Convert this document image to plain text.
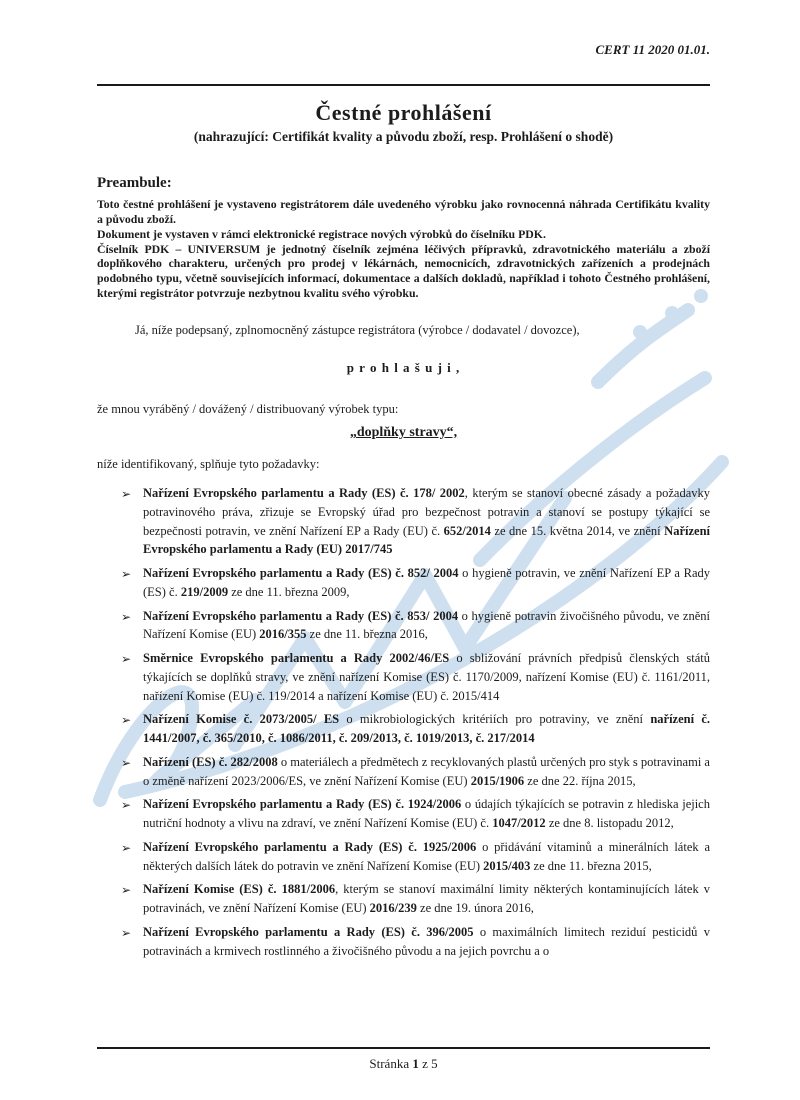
CERT 11 2020 01.01.
Čestné prohlášení
(nahrazující: Certifikát kvality a původu zboží, resp. Prohlášení o shodě)
Preambule:
Toto čestné prohlášení je vystaveno registrátorem dále uvedeného výrobku jako rovnocenná náhrada Certifikátu kvality a původu zboží.
Dokument je vystaven v rámci elektronické registrace nových výrobků do číselníku PDK.
Číselník PDK – UNIVERSUM je jednotný číselník zejména léčivých přípravků, zdravotnického materiálu a zboží doplňkového charakteru, určených pro prodej v lékárnách, nemocnicích, zdravotnických zařízeních a prodejnách podobného typu, včetně souvisejících informací, dokumentace a dalších dokladů, například i tohoto Čestného prohlášení, kterými registrátor potvrzuje nezbytnou kvalitu svého výrobku.

Já, níže podepsaný, zplnomocněný zástupce registrátora (výrobce / dodavatel / dovozce),

p r o h l a š u j i ,

že mnou vyráběný / dovážený / distribuovaný výrobek typu:

„doplňky stravy“,

níže identifikovaný, splňuje tyto požadavky:

➢ Nařízení Evropského parlamentu a Rady (ES) č. 178/ 2002, kterým se stanoví obecné zásady a požadavky potravinového práva, zřizuje se Evropský úřad pro bezpečnost potravin a stanoví se postupy týkající se bezpečnosti potravin, ve znění Nařízení EP a Rady (EU) č. 652/2014 ze dne 15. května 2014, ve znění Nařízení Evropského parlamentu a Rady (EU) 2017/745
➢ Nařízení Evropského parlamentu a Rady (ES) č. 852/ 2004 o hygieně potravin, ve znění Nařízení EP a Rady (ES) č. 219/2009 ze dne 11. března 2009,
➢ Nařízení Evropského parlamentu a Rady (ES) č. 853/ 2004 o hygieně potravin živočišného původu, ve znění Nařízení Komise (EU) 2016/355 ze dne 11. března 2016,
➢ Směrnice Evropského parlamentu a Rady 2002/46/ES o sbližování právních předpisů členských států týkajících se doplňků stravy, ve znění nařízení Komise (ES) č. 1170/2009, nařízení Komise (EU) č. 1161/2011, nařízení Komise (EU) č. 119/2014 a nařízení Komise (EU) č. 2015/414
➢ Nařízení Komise č. 2073/2005/ ES o mikrobiologických kritériích pro potraviny, ve znění nařízení č. 1441/2007, č. 365/2010, č. 1086/2011, č. 209/2013, č. 1019/2013, č. 217/2014
➢ Nařízení (ES) č. 282/2008 o materiálech a předmětech z recyklovaných plastů určených pro styk s potravinami a o změně nařízení 2023/2006/ES, ve znění Nařízení Komise (EU) 2015/1906 ze dne 22. října 2015,
➢ Nařízení Evropského parlamentu a Rady (ES) č. 1924/2006 o údajích týkajících se potravin z hlediska jejich nutriční hodnoty a vlivu na zdraví, ve znění Nařízení Komise (EU) č. 1047/2012 ze dne 8. listopadu 2012,
➢ Nařízení Evropského parlamentu a Rady (ES) č. 1925/2006 o přidávání vitaminů a minerálních látek a některých dalších látek do potravin ve znění Nařízení Komise (EU) 2015/403 ze dne 11. března 2015,
➢ Nařízení Komise (ES) č. 1881/2006, kterým se stanoví maximální limity některých kontaminujících látek v potravinách, ve znění Nařízení Komise (EU) 2016/239 ze dne 19. února 2016,
➢ Nařízení Evropského parlamentu a Rady (ES) č. 396/2005 o maximálních limitech reziduí pesticidů v potravinách a krmivech rostlinného a živočišného původu a na jejich povrchu a o
Stránka 1 z 5
